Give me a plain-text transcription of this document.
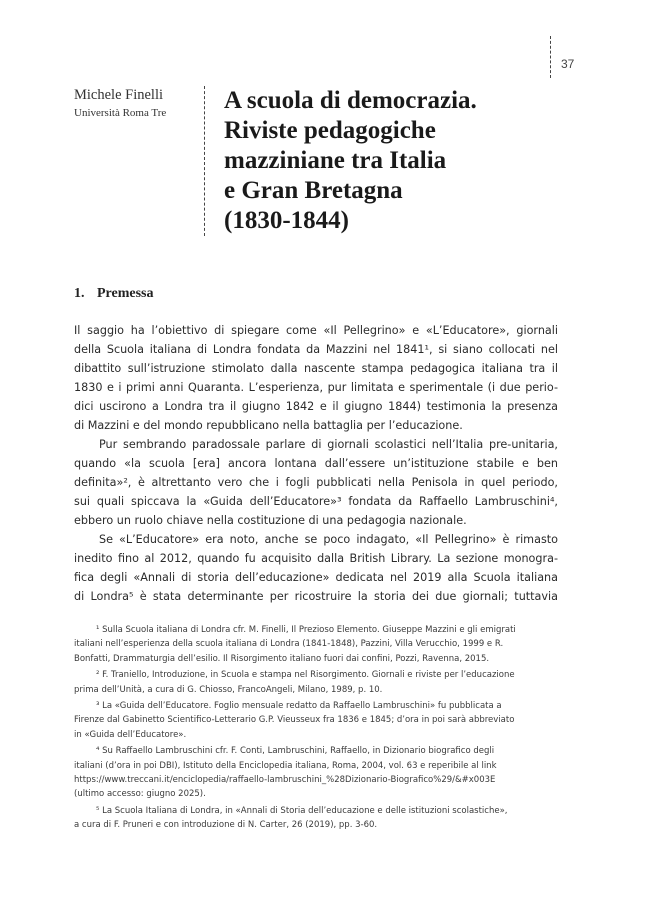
37

Michele Finelli

Università Roma Tre A scuola di democrazia.
Riviste pedagogiche
mazziniane tra Italia
e Gran Bretagna
(1830-1844)
1. Premessa

Il saggio ha l’obiettivo di spiegare come «Il Pellegrino» e «L’Educatore», giornali
della Scuola italiana di Londra fondata da Mazzini nel 1841¹, si siano collocati nel
dibattito sull’istruzione stimolato dalla nascente stampa pedagogica italiana tra il
1830 e i primi anni Quaranta. L’esperienza, pur limitata e sperimentale (i due perio-
dici uscirono a Londra tra il giugno 1842 e il giugno 1844) testimonia la presenza
di Mazzini e del mondo repubblicano nella battaglia per l’educazione.

Pur sembrando paradossale parlare di giornali scolastici nell’Italia pre-unitaria,
quando «la scuola [era] ancora lontana dall’essere un’istituzione stabile e ben
definita»², è altrettanto vero che i fogli pubblicati nella Penisola in quel periodo,
sui quali spiccava la «Guida dell’Educatore»³ fondata da Raffaello Lambruschini⁴,
ebbero un ruolo chiave nella costituzione di una pedagogia nazionale.

Se «L’Educatore» era noto, anche se poco indagato, «Il Pellegrino» è rimasto
inedito fino al 2012, quando fu acquisito dalla British Library. La sezione monogra-
fica degli «Annali di storia dell’educazione» dedicata nel 2019 alla Scuola italiana
di Londra⁵ è stata determinante per ricostruire la storia dei due giornali; tuttavia

¹ Sulla Scuola italiana di Londra cfr. M. Finelli, Il Prezioso Elemento. Giuseppe Mazzini e gli emigrati
italiani nell’esperienza della scuola italiana di Londra (1841-1848), Pazzini, Villa Verucchio, 1999 e R.
Bonfatti, Drammaturgia dell’esilio. Il Risorgimento italiano fuori dai confini, Pozzi, Ravenna, 2015.

² F. Traniello, Introduzione, in Scuola e stampa nel Risorgimento. Giornali e riviste per l’educazione
prima dell’Unità, a cura di G. Chiosso, FrancoAngeli, Milano, 1989, p. 10.

³ La «Guida dell’Educatore. Foglio mensuale redatto da Raffaello Lambruschini» fu pubblicata a
Firenze dal Gabinetto Scientifico-Letterario G.P. Vieusseux fra 1836 e 1845; d’ora in poi sarà abbreviato
in «Guida dell’Educatore».

⁴ Su Raffaello Lambruschini cfr. F. Conti, Lambruschini, Raffaello, in Dizionario biografico degli
italiani (d’ora in poi DBI), Istituto della Enciclopedia italiana, Roma, 2004, vol. 63 e reperibile al link
https://www.treccani.it/enciclopedia/raffaello-lambruschini_%28Dizionario-Biografico%29/&#x003E
(ultimo accesso: giugno 2025).

⁵ La Scuola Italiana di Londra, in «Annali di Storia dell’educazione e delle istituzioni scolastiche»,
a cura di F. Pruneri e con introduzione di N. Carter, 26 (2019), pp. 3-60.
